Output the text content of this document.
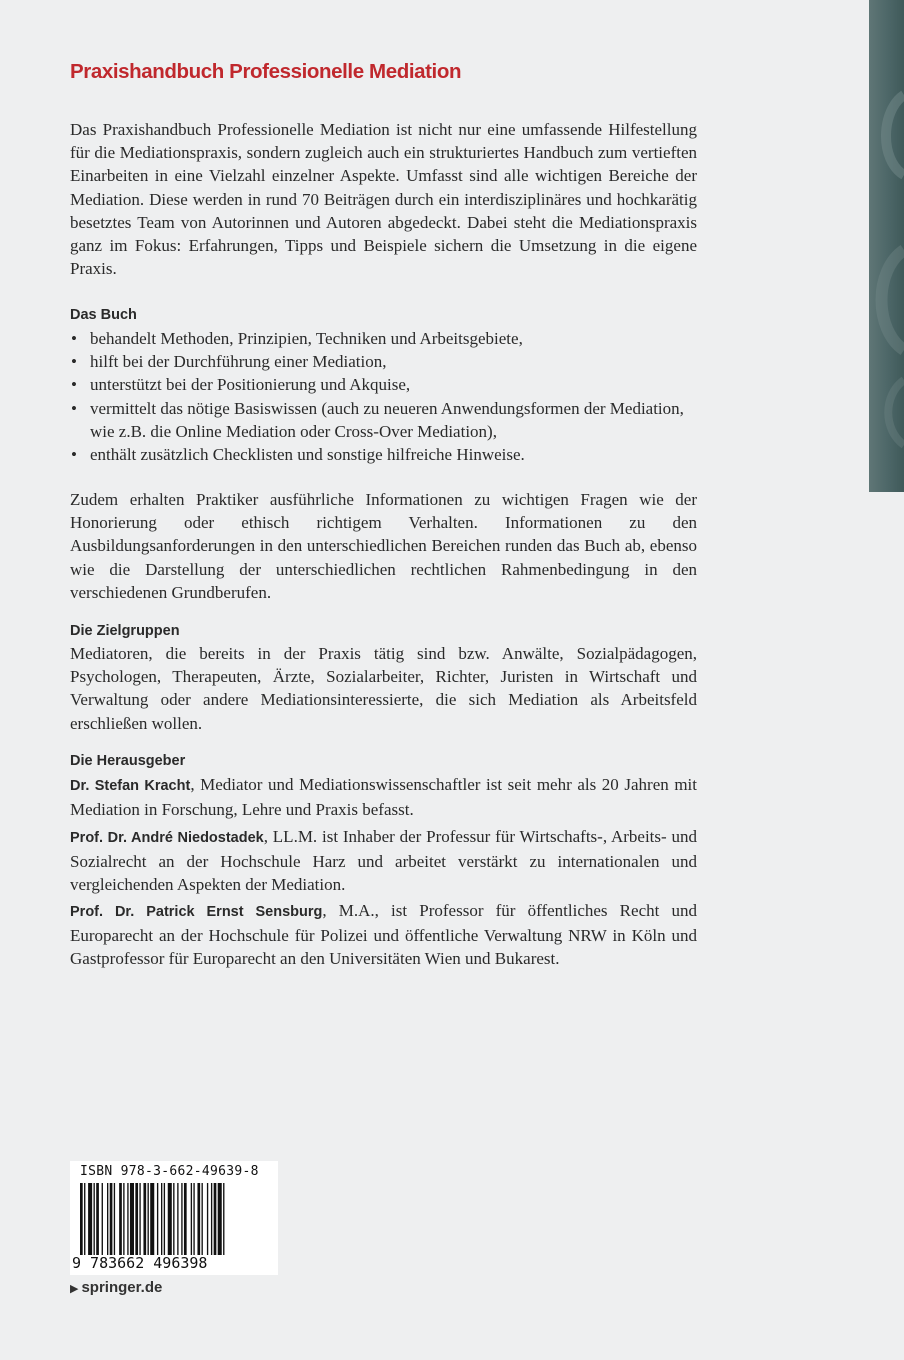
Praxishandbuch Professionelle Mediation

Das Praxishandbuch Professionelle Mediation ist nicht nur eine umfassende Hilfestellung für die Mediationspraxis, sondern zugleich auch ein strukturiertes Handbuch zum vertieften Einarbeiten in eine Vielzahl einzelner Aspekte. Umfasst sind alle wichtigen Bereiche der Mediation. Diese werden in rund 70 Beiträgen durch ein interdisziplinäres und hochkarätig besetztes Team von Autorinnen und Autoren abgedeckt. Dabei steht die Mediationspraxis ganz im Fokus: Erfahrungen, Tipps und Beispiele sichern die Umsetzung in die eigene Praxis.

Das Buch
• behandelt Methoden, Prinzipien, Techniken und Arbeitsgebiete,
• hilft bei der Durchführung einer Mediation,
• unterstützt bei der Positionierung und Akquise,
• vermittelt das nötige Basiswissen (auch zu neueren Anwendungsformen der Mediation, wie z.B. die Online Mediation oder Cross-Over Mediation),
• enthält zusätzlich Checklisten und sonstige hilfreiche Hinweise.

Zudem erhalten Praktiker ausführliche Informationen zu wichtigen Fragen wie der Honorierung oder ethisch richtigem Verhalten. Informationen zu den Ausbildungsanforderungen in den unterschiedlichen Bereichen runden das Buch ab, ebenso wie die Darstellung der unterschiedlichen rechtlichen Rahmenbedingung in den verschiedenen Grundberufen.

Die Zielgruppen

Mediatoren, die bereits in der Praxis tätig sind bzw. Anwälte, Sozialpädagogen, Psychologen, Therapeuten, Ärzte, Sozialarbeiter, Richter, Juristen in Wirtschaft und Verwaltung oder andere Mediationsinteressierte, die sich Mediation als Arbeitsfeld erschließen wollen.

Die Herausgeber

Dr. Stefan Kracht, Mediator und Mediationswissenschaftler ist seit mehr als 20 Jahren mit Mediation in Forschung, Lehre und Praxis befasst.

Prof. Dr. André Niedostadek, LL.M. ist Inhaber der Professur für Wirtschafts-, Arbeits- und Sozialrecht an der Hochschule Harz und arbeitet verstärkt zu internationalen und vergleichenden Aspekten der Mediation.

Prof. Dr. Patrick Ernst Sensburg, M.A., ist Professor für öffentliches Recht und Europarecht an der Hochschule für Polizei und öffentliche Verwaltung NRW in Köln und Gastprofessor für Europarecht an den Universitäten Wien und Bukarest.

ISBN 978-3-662-49639-8
9 783662 496398
▶ springer.de
